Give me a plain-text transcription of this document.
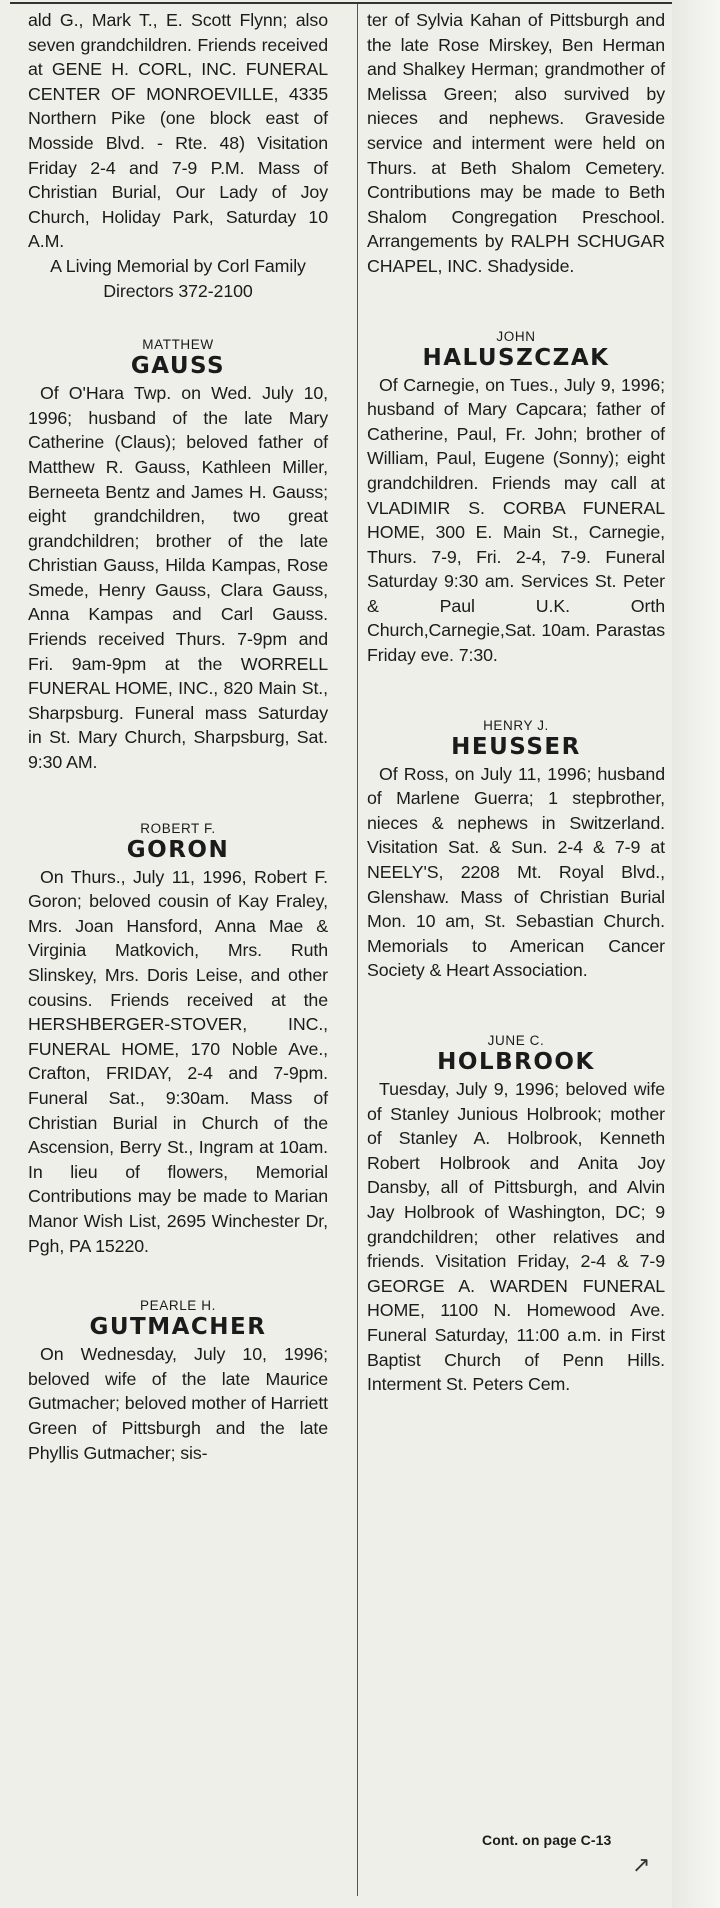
ald G., Mark T., E. Scott Flynn; also seven grandchildren. Friends received at GENE H. CORL, INC. FUNERAL CENTER OF MONROEVILLE, 4335 Northern Pike (one block east of Mosside Blvd. - Rte. 48) Visitation Friday 2-4 and 7-9 P.M. Mass of Christian Burial, Our Lady of Joy Church, Holiday Park, Saturday 10 A.M.

A Living Memorial by Corl Family Directors 372-2100

MATTHEW

GAUSS

Of O'Hara Twp. on Wed. July 10, 1996; husband of the late Mary Catherine (Claus); beloved father of Matthew R. Gauss, Kathleen Miller, Berneeta Bentz and James H. Gauss; eight grandchildren, two great grandchildren; brother of the late Christian Gauss, Hilda Kampas, Rose Smede, Henry Gauss, Clara Gauss, Anna Kampas and Carl Gauss. Friends received Thurs. 7-9pm and Fri. 9am-9pm at the WORRELL FUNERAL HOME, INC., 820 Main St., Sharpsburg. Funeral mass Saturday in St. Mary Church, Sharpsburg, Sat. 9:30 AM.

ROBERT F.

GORON

On Thurs., July 11, 1996, Robert F. Goron; beloved cousin of Kay Fraley, Mrs. Joan Hansford, Anna Mae & Virginia Matkovich, Mrs. Ruth Slinskey, Mrs. Doris Leise, and other cousins. Friends received at the HERSHBERGER-STOVER, INC., FUNERAL HOME, 170 Noble Ave., Crafton, FRIDAY, 2-4 and 7-9pm. Funeral Sat., 9:30am. Mass of Christian Burial in Church of the Ascension, Berry St., Ingram at 10am. In lieu of flowers, Memorial Contributions may be made to Marian Manor Wish List, 2695 Winchester Dr, Pgh, PA 15220.

PEARLE H.

GUTMACHER

On Wednesday, July 10, 1996; beloved wife of the late Maurice Gutmacher; beloved mother of Harriett Green of Pittsburgh and the late Phyllis Gutmacher; sis-

ter of Sylvia Kahan of Pittsburgh and the late Rose Mirskey, Ben Herman and Shalkey Herman; grandmother of Melissa Green; also survived by nieces and nephews. Graveside service and interment were held on Thurs. at Beth Shalom Cemetery. Contributions may be made to Beth Shalom Congregation Preschool. Arrangements by RALPH SCHUGAR CHAPEL, INC. Shadyside.

JOHN

HALUSZCZAK

Of Carnegie, on Tues., July 9, 1996; husband of Mary Capcara; father of Catherine, Paul, Fr. John; brother of William, Paul, Eugene (Sonny); eight grandchildren. Friends may call at VLADIMIR S. CORBA FUNERAL HOME, 300 E. Main St., Carnegie, Thurs. 7-9, Fri. 2-4, 7-9. Funeral Saturday 9:30 am. Services St. Peter & Paul U.K. Orth Church,Carnegie,Sat. 10am. Parastas Friday eve. 7:30.

HENRY J.

HEUSSER

Of Ross, on July 11, 1996; husband of Marlene Guerra; 1 stepbrother, nieces & nephews in Switzerland. Visitation Sat. & Sun. 2-4 & 7-9 at NEELY'S, 2208 Mt. Royal Blvd., Glenshaw. Mass of Christian Burial Mon. 10 am, St. Sebastian Church. Memorials to American Cancer Society & Heart Association.

JUNE C.

HOLBROOK

Tuesday, July 9, 1996; beloved wife of Stanley Junious Holbrook; mother of Stanley A. Holbrook, Kenneth Robert Holbrook and Anita Joy Dansby, all of Pittsburgh, and Alvin Jay Holbrook of Washington, DC; 9 grandchildren; other relatives and friends. Visitation Friday, 2-4 & 7-9 GEORGE A. WARDEN FUNERAL HOME, 1100 N. Homewood Ave. Funeral Saturday, 11:00 a.m. in First Baptist Church of Penn Hills. Interment St. Peters Cem.

Cont. on page C-13
↗
